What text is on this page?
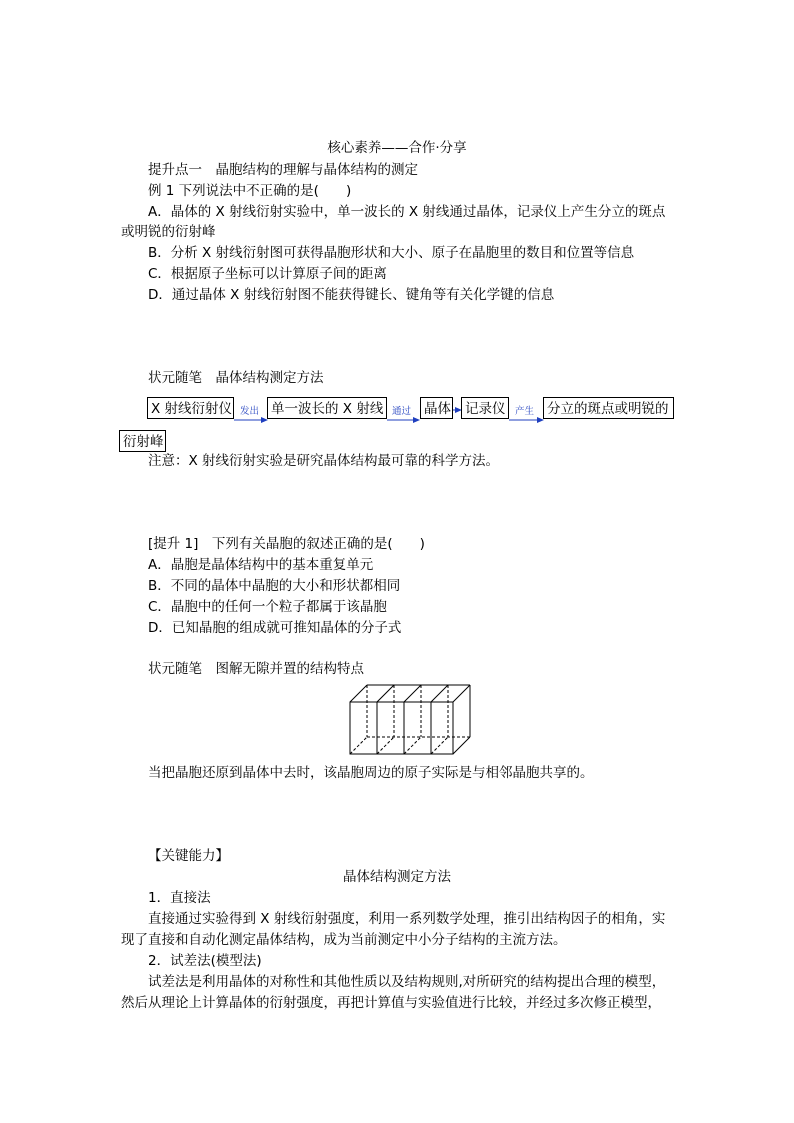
核心素养——合作·分享
提升点一　晶胞结构的理解与晶体结构的测定
例 1 下列说法中不正确的是(　　)
A．晶体的 X 射线衍射实验中，单一波长的 X 射线通过晶体，记录仪上产生分立的斑点
或明锐的衍射峰
B．分析 X 射线衍射图可获得晶胞形状和大小、原子在晶胞里的数目和位置等信息
C．根据原子坐标可以计算原子间的距离
D．通过晶体 X 射线衍射图不能获得键长、键角等有关化学键的信息
状元随笔　晶体结构测定方法
X 射线衍射仪 发出 单一波长的 X 射线 通过 晶体 记录仪	产生 分立的斑点或明锐的
衍射峰
注意：X 射线衍射实验是研究晶体结构最可靠的科学方法。
[提升 1]　下列有关晶胞的叙述正确的是(　　)
A．晶胞是晶体结构中的基本重复单元
B．不同的晶体中晶胞的大小和形状都相同
C．晶胞中的任何一个粒子都属于该晶胞
D．已知晶胞的组成就可推知晶体的分子式
状元随笔　图解无隙并置的结构特点
当把晶胞还原到晶体中去时，该晶胞周边的原子实际是与相邻晶胞共享的。
【关键能力】
晶体结构测定方法
1．直接法
直接通过实验得到 X 射线衍射强度，利用一系列数学处理，推引出结构因子的相角，实
现了直接和自动化测定晶体结构，成为当前测定中小分子结构的主流方法。
2．试差法(模型法)
试差法是利用晶体的对称性和其他性质以及结构规则,对所研究的结构提出合理的模型，
然后从理论上计算晶体的衍射强度，再把计算值与实验值进行比较，并经过多次修正模型，
